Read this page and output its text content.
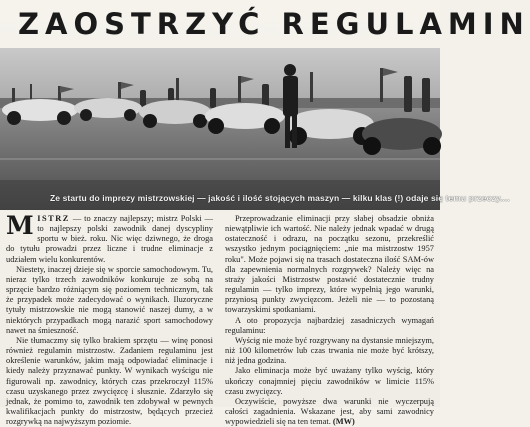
ZAOSTRZYĆ REGULAMIN
Ze startu do imprezy mistrzowskiej — jakość i ilość stojących maszyn — kilku klas (!) odaje się temu przeczy....

MISTRZ — to znaczy najlepszy; mistrz Polski — to najlepszy polski zawodnik danej dyscypliny sportu w bież. roku. Nic więc dziwnego, że droga do tytułu prowadzi przez liczne i trudne eliminacje z udziałem wielu konkurentów.

Niestety, inaczej dzieje się w sporcie samochodowym. Tu, nieraz tylko trzech zawodników konkuruje ze sobą na sprzęcie bardzo różniącym się poziomem technicznym, tak że przypadek może zadecydować o wynikach. Iluzoryczne tytuły mistrzowskie nie mogą stanowić naszej dumy, a w niektórych przypadkach mogą narazić sport samochodowy nawet na śmieszność.

Nie tłumaczmy się tylko brakiem sprzętu — winę ponosi również regulamin mistrzostw. Zadaniem regulaminu jest określenie warunków, jakim mają odpowiadać eliminacje i kiedy należy przyznawać punkty. W wynikach wyścigu nie figurowali np. zawodnicy, których czas przekroczył 115% czasu uzyskanego przez zwycięzcę i słusznie. Zdarzyło się jednak, że pomimo to, zawodnik ten zdobywał w pewnych kwalifikacjach punkty do mistrzostw, będących przecież rozgrywką na najwyższym poziomie.

Przeprowadzanie eliminacji przy słabej obsadzie obniża niewątpliwie ich wartość. Nie należy jednak wpadać w drugą ostateczność i odrazu, na początku sezonu, przekreślić wszystko jednym pociągnięciem: „nie ma mistrzostw 1957 roku". Może pojawi się na trasach dostateczna ilość SAM-ów dla zapewnienia normalnych rozgrywek? Należy więc na straży jakości Mistrzostw postawić dostatecznie trudny regulamin — tylko imprezy, które wypełnią jego warunki, przyniosą punkty zwycięzcom. Jeżeli nie — to pozostaną towarzyskimi spotkaniami.

A oto propozycja najbardziej zasadniczych wymagań regulaminu:

Wyścig nie może być rozgrywany na dystansie mniejszym, niż 100 kilometrów lub czas trwania nie może być krótszy, niż jedna godzina.

Jako eliminacja może być uważany tylko wyścig, który ukończy conajmniej pięciu zawodników w limicie 115% czasu zwycięzcy.

Oczywiście, powyższe dwa warunki nie wyczerpują całości zagadnienia. Wskazane jest, aby sami zawodnicy wypowiedzieli się na ten temat. (MW)
